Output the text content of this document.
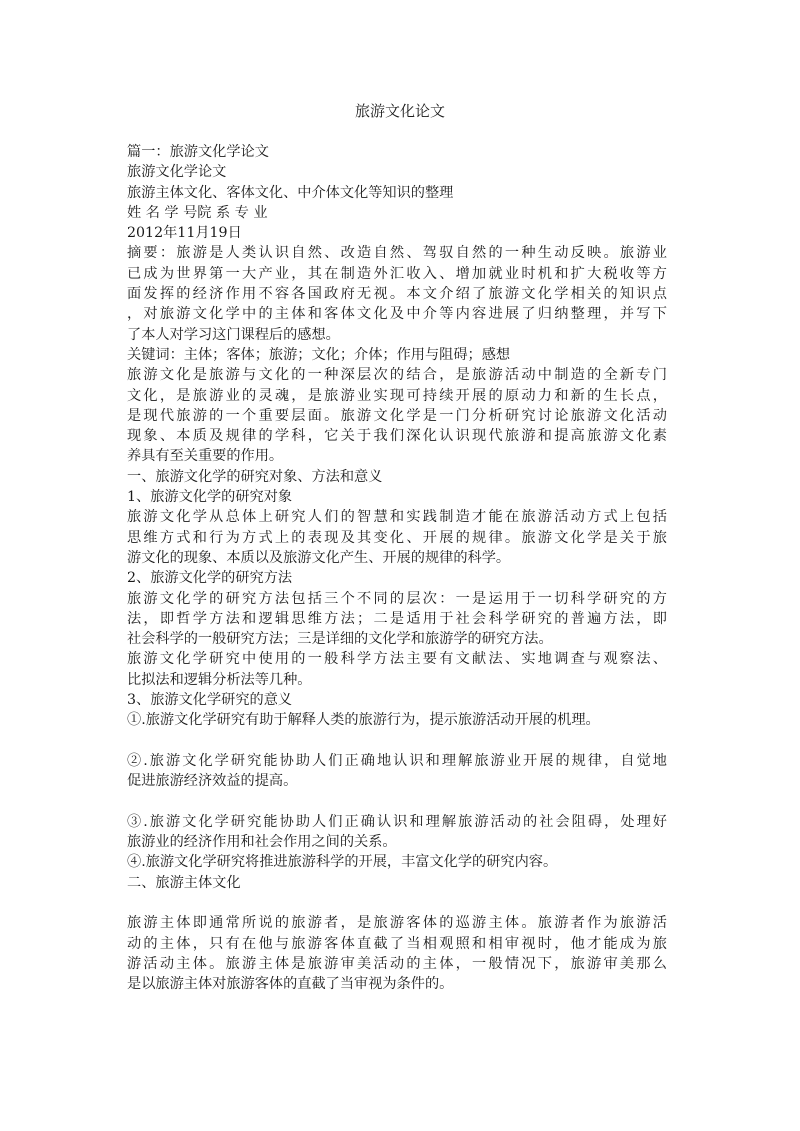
旅游文化论文
篇一：旅游文化学论文
旅游文化学论文
旅游主体文化、客体文化、中介体文化等知识的整理
姓 名 学 号院 系 专 业
2012年11月19日
摘要：旅游是人类认识自然、改造自然、驾驭自然的一种生动反映。旅游业
已成为世界第一大产业，其在制造外汇收入、增加就业时机和扩大税收等方
面发挥的经济作用不容各国政府无视。本文介绍了旅游文化学相关的知识点
，对旅游文化学中的主体和客体文化及中介等内容进展了归纳整理，并写下
了本人对学习这门课程后的感想。
关键词：主体；客体；旅游；文化；介体；作用与阻碍；感想
旅游文化是旅游与文化的一种深层次的结合，是旅游活动中制造的全新专门
文化，是旅游业的灵魂，是旅游业实现可持续开展的原动力和新的生长点，
是现代旅游的一个重要层面。旅游文化学是一门分析研究讨论旅游文化活动
现象、本质及规律的学科，它关于我们深化认识现代旅游和提高旅游文化素
养具有至关重要的作用。
一、旅游文化学的研究对象、方法和意义
1、旅游文化学的研究对象
旅游文化学从总体上研究人们的智慧和实践制造才能在旅游活动方式上包括
思维方式和行为方式上的表现及其变化、开展的规律。旅游文化学是关于旅
游文化的现象、本质以及旅游文化产生、开展的规律的科学。
2、旅游文化学的研究方法
旅游文化学的研究方法包括三个不同的层次：一是运用于一切科学研究的方
法，即哲学方法和逻辑思维方法；二是适用于社会科学研究的普遍方法，即
社会科学的一般研究方法；三是详细的文化学和旅游学的研究方法。
旅游文化学研究中使用的一般科学方法主要有文献法、实地调查与观察法、
比拟法和逻辑分析法等几种。
3、旅游文化学研究的意义
①.旅游文化学研究有助于解释人类的旅游行为，提示旅游活动开展的机理。
②.旅游文化学研究能协助人们正确地认识和理解旅游业开展的规律，自觉地
促进旅游经济效益的提高。
③.旅游文化学研究能协助人们正确认识和理解旅游活动的社会阻碍，处理好
旅游业的经济作用和社会作用之间的关系。
④.旅游文化学研究将推进旅游科学的开展，丰富文化学的研究内容。
二、旅游主体文化
旅游主体即通常所说的旅游者，是旅游客体的巡游主体。旅游者作为旅游活
动的主体，只有在他与旅游客体直截了当相观照和相审视时，他才能成为旅
游活动主体。旅游主体是旅游审美活动的主体，一般情况下，旅游审美那么
是以旅游主体对旅游客体的直截了当审视为条件的。
